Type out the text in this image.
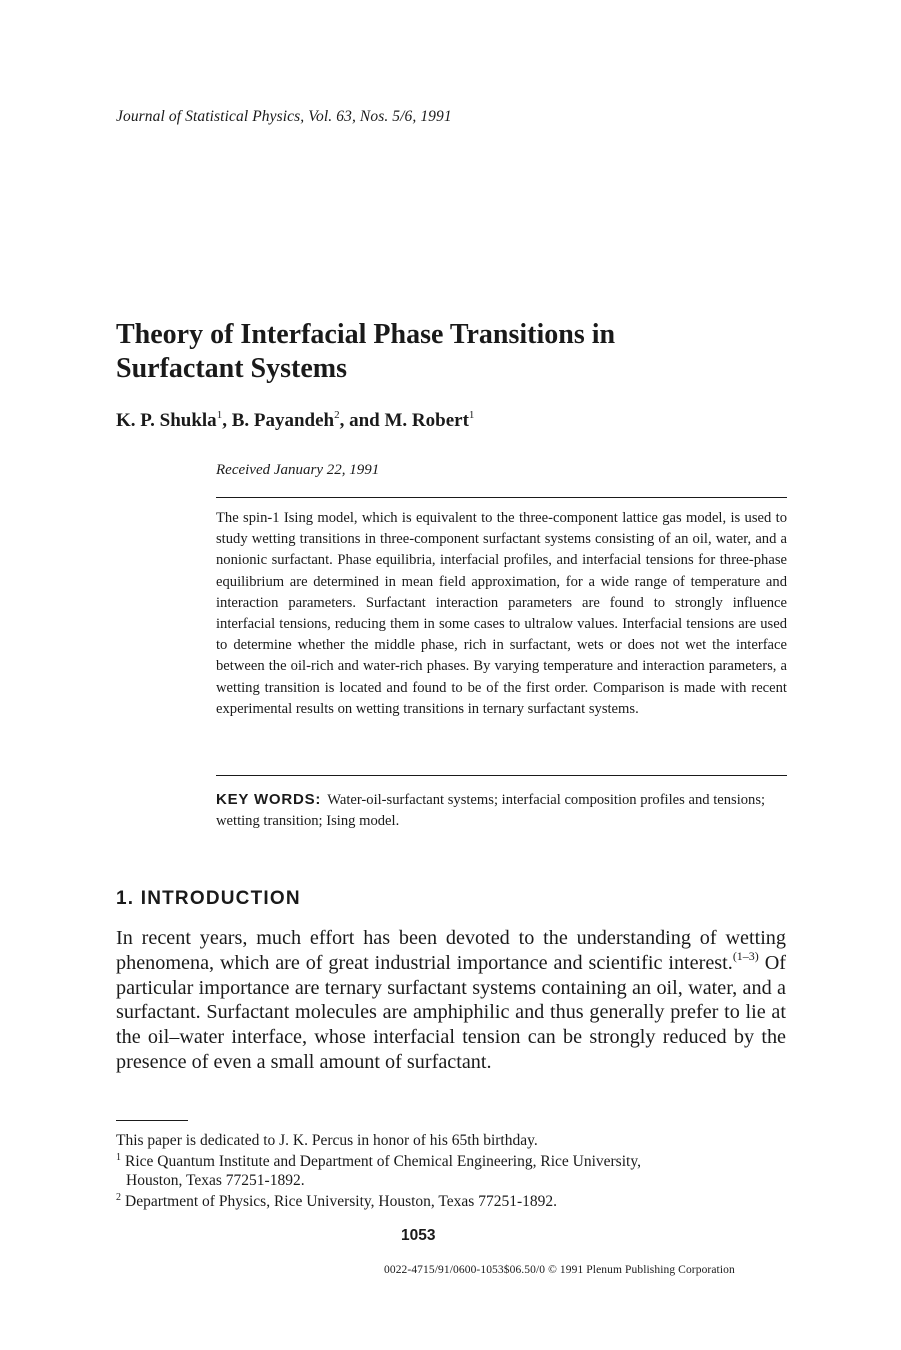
Journal of Statistical Physics, Vol. 63, Nos. 5/6, 1991
Theory of Interfacial Phase Transitions in
Surfactant Systems
K. P. Shukla$^1$, B. Payandeh$^2$, and M. Robert$^1$
Received January 22, 1991
The spin-1 Ising model, which is equivalent to the three-component lattice gas model, is used to study wetting transitions in three-component surfactant systems consisting of an oil, water, and a nonionic surfactant. Phase equilibria, interfacial profiles, and interfacial tensions for three-phase equilibrium are determined in mean field approximation, for a wide range of temperature and interaction parameters. Surfactant interaction parameters are found to strongly influence interfacial tensions, reducing them in some cases to ultralow values. Interfacial tensions are used to determine whether the middle phase, rich in surfactant, wets or does not wet the interface between the oil-rich and water-rich phases. By varying temperature and interaction parameters, a wetting transition is located and found to be of the first order. Comparison is made with recent experimental results on wetting transitions in ternary surfactant systems.
KEY WORDS: Water-oil-surfactant systems; interfacial composition profiles and tensions; wetting transition; Ising model.
1. INTRODUCTION
In recent years, much effort has been devoted to the understanding of wetting phenomena, which are of great industrial importance and scientific interest.$^{(1-3)}$ Of particular importance are ternary surfactant systems containing an oil, water, and a surfactant. Surfactant molecules are amphiphilic and thus generally prefer to lie at the oil–water interface, whose interfacial tension can be strongly reduced by the presence of even a small amount of surfactant.
This paper is dedicated to J. K. Percus in honor of his 65th birthday.
$^1$ Rice Quantum Institute and Department of Chemical Engineering, Rice University,
Houston, Texas 77251-1892.
$^2$ Department of Physics, Rice University, Houston, Texas 77251-1892.
1053
0022-4715/91/0600-1053$06.50/0 © 1991 Plenum Publishing Corporation
